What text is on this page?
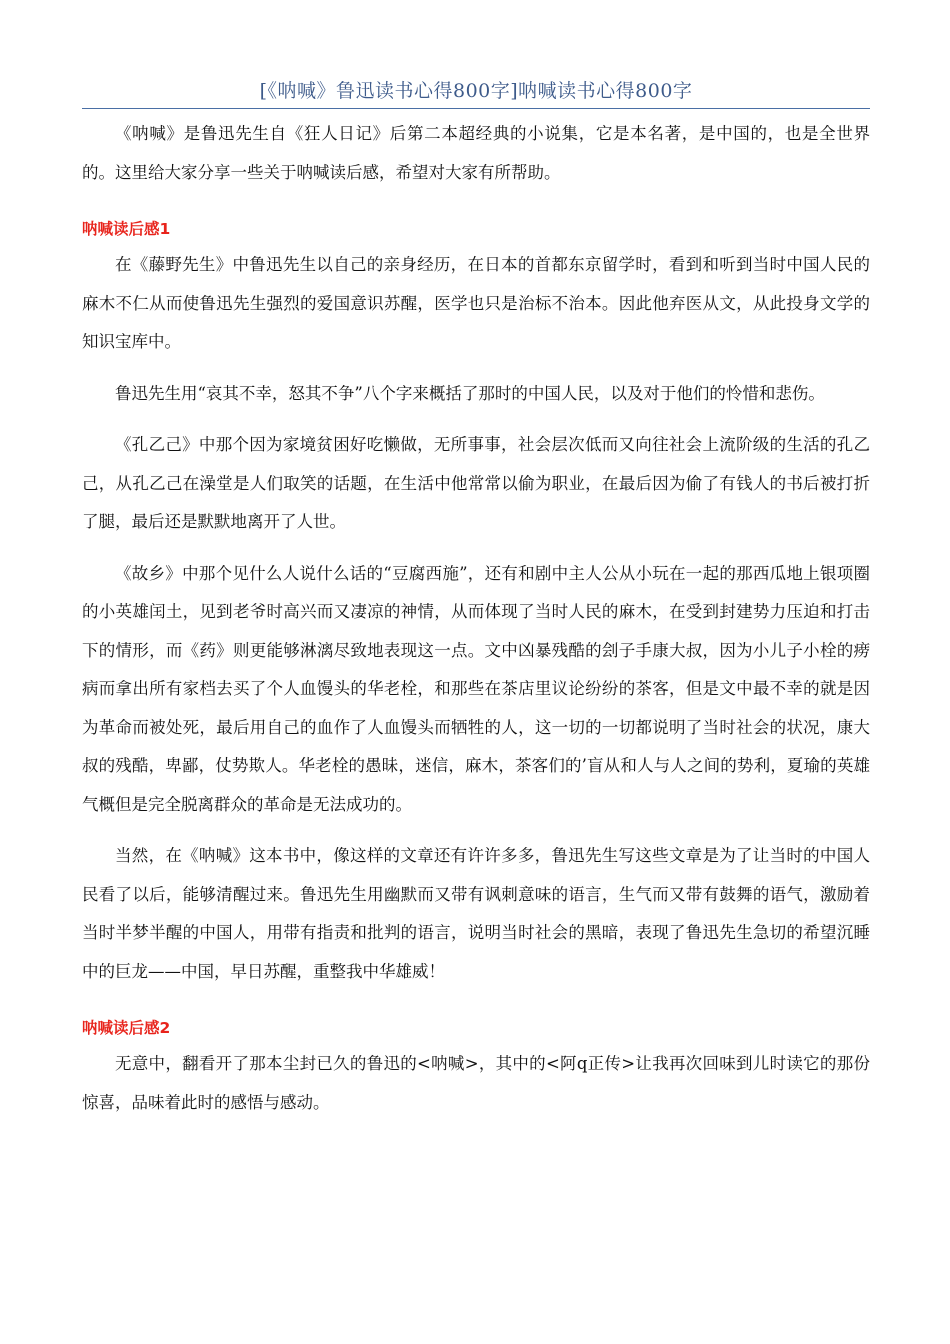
[《呐喊》鲁迅读书心得800字]呐喊读书心得800字

《呐喊》是鲁迅先生自《狂人日记》后第二本超经典的小说集，它是本名著，是中国的，也是全世界的。这里给大家分享一些关于呐喊读后感，希望对大家有所帮助。

呐喊读后感1

在《藤野先生》中鲁迅先生以自己的亲身经历，在日本的首都东京留学时，看到和听到当时中国人民的麻木不仁从而使鲁迅先生强烈的爱国意识苏醒，医学也只是治标不治本。因此他弃医从文，从此投身文学的知识宝库中。

鲁迅先生用“哀其不幸，怒其不争”八个字来概括了那时的中国人民，以及对于他们的怜惜和悲伤。

《孔乙己》中那个因为家境贫困好吃懒做，无所事事，社会层次低而又向往社会上流阶级的生活的孔乙己，从孔乙己在澡堂是人们取笑的话题，在生活中他常常以偷为职业，在最后因为偷了有钱人的书后被打折了腿，最后还是默默地离开了人世。

《故乡》中那个见什么人说什么话的“豆腐西施”，还有和剧中主人公从小玩在一起的那西瓜地上银项圈的小英雄闰土，见到老爷时高兴而又凄凉的神情，从而体现了当时人民的麻木，在受到封建势力压迫和打击下的情形，而《药》则更能够淋漓尽致地表现这一点。文中凶暴残酷的刽子手康大叔，因为小儿子小栓的痨病而拿出所有家档去买了个人血馒头的华老栓，和那些在茶店里议论纷纷的茶客，但是文中最不幸的就是因为革命而被处死，最后用自己的血作了人血馒头而牺牲的人，这一切的一切都说明了当时社会的状况，康大叔的残酷，卑鄙，仗势欺人。华老栓的愚昧，迷信，麻木，茶客们的’盲从和人与人之间的势利，夏瑜的英雄气概但是完全脱离群众的革命是无法成功的。

当然，在《呐喊》这本书中，像这样的文章还有许许多多，鲁迅先生写这些文章是为了让当时的中国人民看了以后，能够清醒过来。鲁迅先生用幽默而又带有讽刺意味的语言，生气而又带有鼓舞的语气，激励着当时半梦半醒的中国人，用带有指责和批判的语言，说明当时社会的黑暗，表现了鲁迅先生急切的希望沉睡中的巨龙——中国，早日苏醒，重整我中华雄威！

呐喊读后感2

无意中，翻看开了那本尘封已久的鲁迅的<呐喊>，其中的<阿q正传>让我再次回味到儿时读它的那份惊喜，品味着此时的感悟与感动。
